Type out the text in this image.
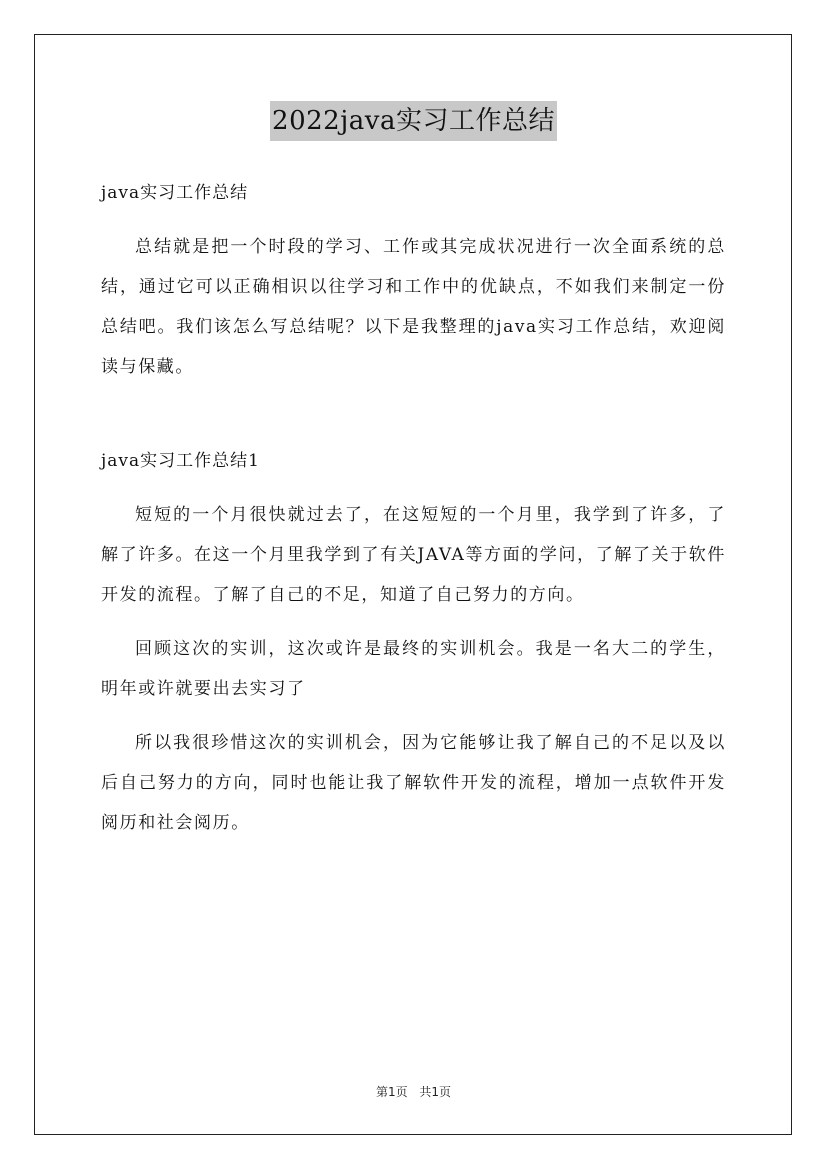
2022java实习工作总结

java实习工作总结

总结就是把一个时段的学习、工作或其完成状况进行一次全面系统的总结，通过它可以正确相识以往学习和工作中的优缺点，不如我们来制定一份总结吧。我们该怎么写总结呢？以下是我整理的java实习工作总结，欢迎阅读与保藏。

java实习工作总结1

短短的一个月很快就过去了，在这短短的一个月里，我学到了许多，了解了许多。在这一个月里我学到了有关JAVA等方面的学问，了解了关于软件开发的流程。了解了自己的不足，知道了自己努力的方向。

回顾这次的实训，这次或许是最终的实训机会。我是一名大二的学生，明年或许就要出去实习了

所以我很珍惜这次的实训机会，因为它能够让我了解自己的不足以及以后自己努力的方向，同时也能让我了解软件开发的流程，增加一点软件开发阅历和社会阅历。

第1页 共1页
